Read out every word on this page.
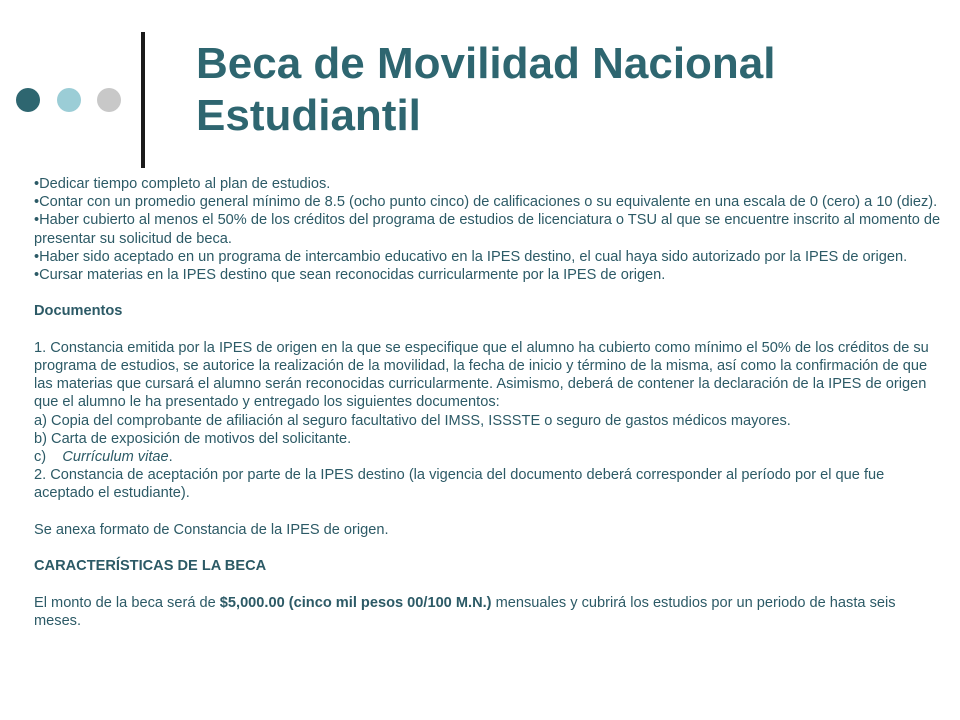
Beca de Movilidad Nacional Estudiantil

•Dedicar tiempo completo al plan de estudios.

•Contar con un promedio general mínimo de 8.5 (ocho punto cinco) de calificaciones o su equivalente en una escala de 0 (cero) a 10 (diez).

•Haber cubierto al menos el 50% de los créditos del programa de estudios de licenciatura o TSU al que se encuentre inscrito al momento de presentar su solicitud de beca.

•Haber sido aceptado en un programa de intercambio educativo en la IPES destino, el cual haya sido autorizado por la IPES de origen.

•Cursar materias en la IPES destino que sean reconocidas curricularmente por la IPES de origen.

Documentos

1. Constancia emitida por la IPES de origen en la que se especifique que el alumno ha cubierto como mínimo el 50% de los créditos de su programa de estudios, se autorice la realización de la movilidad, la fecha de inicio y término de la misma, así como la confirmación de que las materias que cursará el alumno serán reconocidas curricularmente. Asimismo, deberá de contener la declaración de la IPES de origen que el alumno le ha presentado y entregado los siguientes documentos:

a) Copia del comprobante de afiliación al seguro facultativo del IMSS, ISSSTE o seguro de gastos médicos mayores.

b) Carta de exposición de motivos del solicitante.

c)    Currículum vitae.

2. Constancia de aceptación por parte de la IPES destino (la vigencia del documento deberá corresponder al período por el que fue aceptado el estudiante).

Se anexa formato de Constancia de la IPES de origen.

CARACTERÍSTICAS DE LA BECA

El monto de la beca será de $5,000.00 (cinco mil pesos 00/100 M.N.) mensuales y cubrirá los estudios por un periodo de hasta seis meses.
